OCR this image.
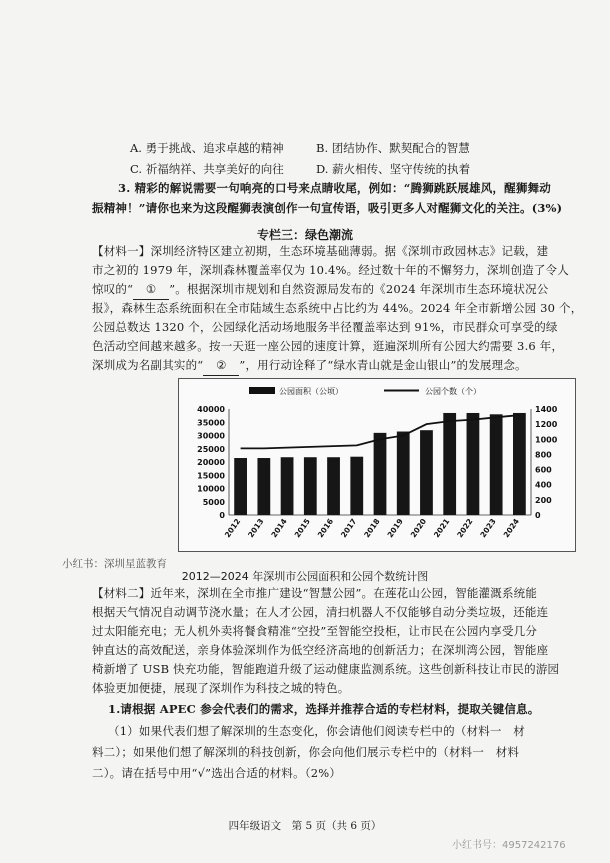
A. 勇于挑战、追求卓越的精神	B. 团结协作、默契配合的智慧
C. 祈福纳祥、共享美好的向往	D. 薪火相传、坚守传统的执着
3. 精彩的解说需要一句响亮的口号来点睛收尾，例如：“腾狮跳跃展雄风，醒狮舞动
振精神！”请你也来为这段醒狮表演创作一句宣传语，吸引更多人对醒狮文化的关注。(3%)
专栏三：绿色潮流
【材料一】深圳经济特区建立初期，生态环境基础薄弱。据《深圳市政园林志》记载，建
市之初的 1979 年，深圳森林覆盖率仅为 10.4%。经过数十年的不懈努力，深圳创造了令人
惊叹的“ ① ”。根据深圳市规划和自然资源局发布的《2024 年深圳市生态环境状况公
报》，森林生态系统面积在全市陆域生态系统中占比约为 44%。2024 年全市新增公园 30 个，
公园总数达 1320 个，公园绿化活动场地服务半径覆盖率达到 91%，市民群众可享受的绿
色活动空间越来越多。按一天逛一座公园的速度计算，逛遍深圳所有公园大约需要 3.6 年，
深圳成为名副其实的“ ② ”，用行动诠释了“绿水青山就是金山银山”的发展理念。
公园面积（公顷）	公园个数（个）
0
5000
10000
15000
20000
25000
30000
35000
40000
0
200
400
600
800
1000
1200
1400
2012 2013 2014 2015 2016 2017 2018 2019 2020 2021 2022 2023 2024
小红书：深圳星蓝教育
2012—2024 年深圳市公园面积和公园个数统计图
【材料二】近年来，深圳在全市推广建设“智慧公园”。在莲花山公园，智能灌溉系统能
根据天气情况自动调节浇水量；在人才公园，清扫机器人不仅能够自动分类垃圾，还能连
过太阳能充电；无人机外卖将餐食精准“空投”至智能空投柜，让市民在公园内享受几分
钟直达的高效配送，亲身体验深圳作为低空经济高地的创新活力；在深圳湾公园，智能座
椅新增了 USB 快充功能，智能跑道升级了运动健康监测系统。这些创新科技让市民的游园
体验更加便捷，展现了深圳作为科技之城的特色。
1.请根据 APEC 参会代表们的需求，选择并推荐合适的专栏材料，提取关键信息。
（1）如果代表们想了解深圳的生态变化，你会请他们阅读专栏中的（材料一　材
料二）；如果他们想了解深圳的科技创新，你会向他们展示专栏中的（材料一　材料
二）。请在括号中用“√”选出合适的材料。（2%）
四年级语文　第 5 页（共 6 页）
小红书号：4957242176
